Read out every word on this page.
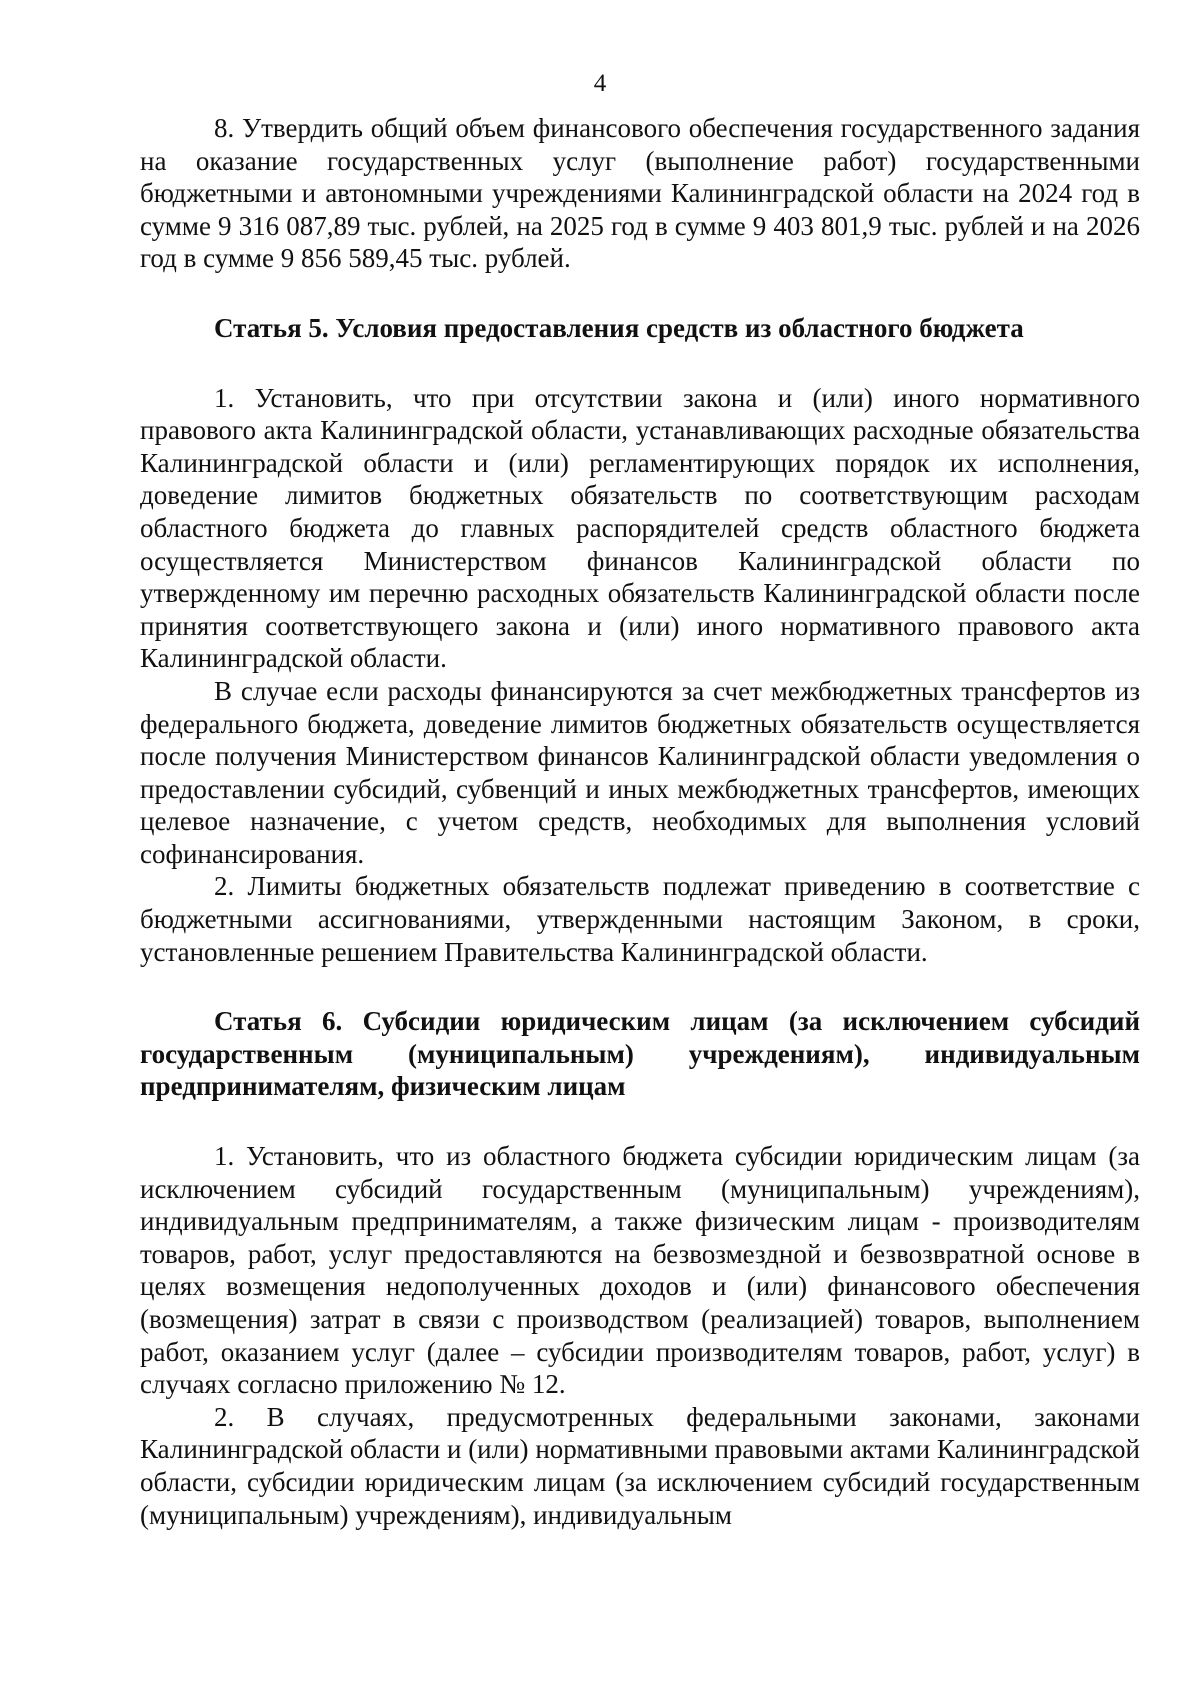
4

8. Утвердить общий объем финансового обеспечения государственного задания на оказание государственных услуг (выполнение работ) государственными бюджетными и автономными учреждениями Калининградской области на 2024 год в сумме 9 316 087,89 тыс. рублей, на 2025 год в сумме 9 403 801,9 тыс. рублей и на 2026 год в сумме 9 856 589,45 тыс. рублей.

Статья 5. Условия предоставления средств из областного бюджета

1. Установить, что при отсутствии закона и (или) иного нормативного правового акта Калининградской области, устанавливающих расходные обязательства Калининградской области и (или) регламентирующих порядок их исполнения, доведение лимитов бюджетных обязательств по соответствующим расходам областного бюджета до главных распорядителей средств областного бюджета осуществляется Министерством финансов Калининградской области по утвержденному им перечню расходных обязательств Калининградской области после принятия соответствующего закона и (или) иного нормативного правового акта Калининградской области.

В случае если расходы финансируются за счет межбюджетных трансфертов из федерального бюджета, доведение лимитов бюджетных обязательств осуществляется после получения Министерством финансов Калининградской области уведомления о предоставлении субсидий, субвенций и иных межбюджетных трансфертов, имеющих целевое назначение, с учетом средств, необходимых для выполнения условий софинансирования.

2. Лимиты бюджетных обязательств подлежат приведению в соответствие с бюджетными ассигнованиями, утвержденными настоящим Законом, в сроки, установленные решением Правительства Калининградской области.

Статья 6. Субсидии юридическим лицам (за исключением субсидий государственным (муниципальным) учреждениям), индивидуальным предпринимателям, физическим лицам

1. Установить, что из областного бюджета субсидии юридическим лицам (за исключением субсидий государственным (муниципальным) учреждениям), индивидуальным предпринимателям, а также физическим лицам - производителям товаров, работ, услуг предоставляются на безвозмездной и безвозвратной основе в целях возмещения недополученных доходов и (или) финансового обеспечения (возмещения) затрат в связи с производством (реализацией) товаров, выполнением работ, оказанием услуг (далее – субсидии производителям товаров, работ, услуг) в случаях согласно приложению № 12.

2. В случаях, предусмотренных федеральными законами, законами Калининградской области и (или) нормативными правовыми актами Калининградской области, субсидии юридическим лицам (за исключением субсидий государственным (муниципальным) учреждениям), индивидуальным
